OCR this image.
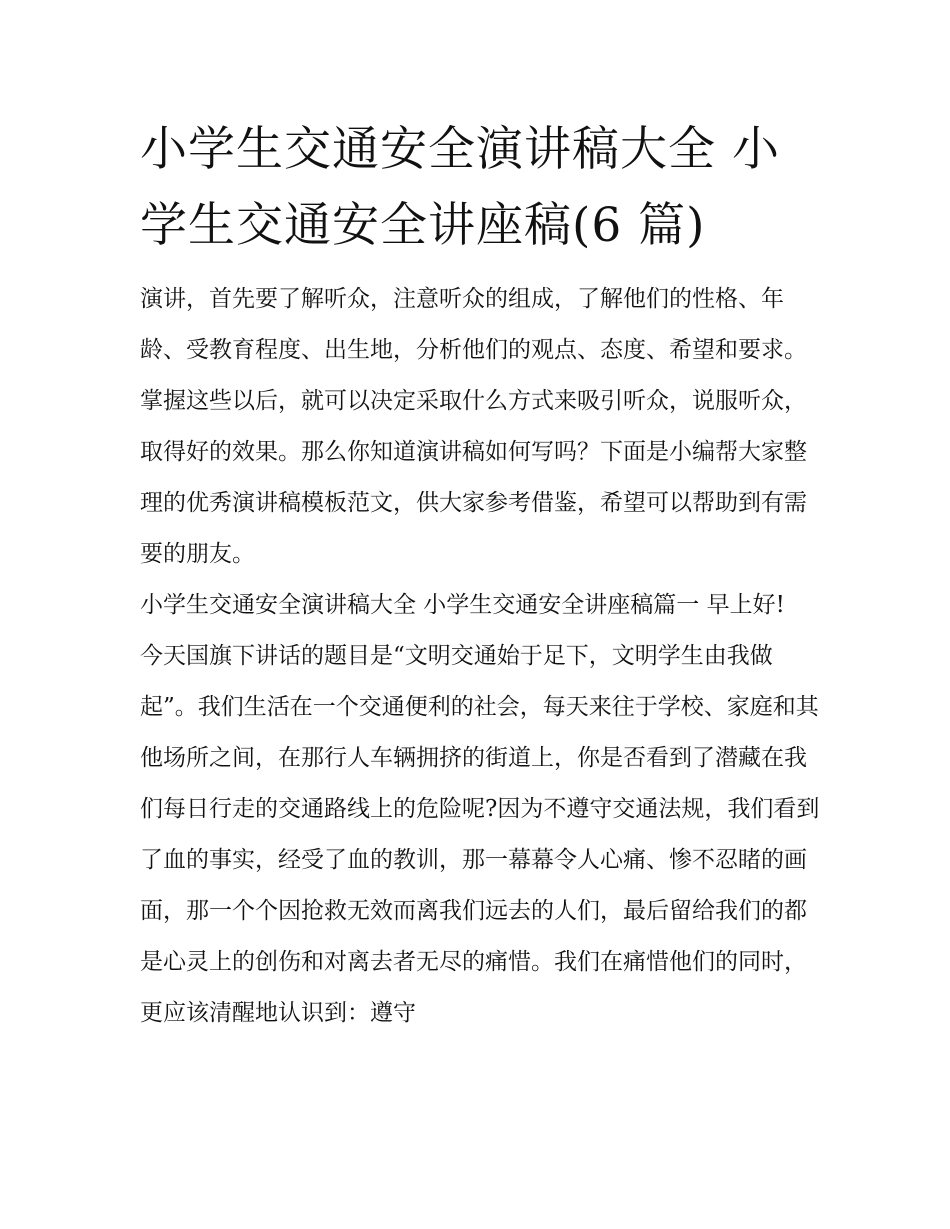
小学生交通安全演讲稿大全 小学生交通安全讲座稿(6 篇)

演讲，首先要了解听众，注意听众的组成，了解他们的性格、年龄、受教育程度、出生地，分析他们的观点、态度、希望和要求。掌握这些以后，就可以决定采取什么方式来吸引听众，说服听众，取得好的效果。那么你知道演讲稿如何写吗？下面是小编帮大家整理的优秀演讲稿模板范文，供大家参考借鉴，希望可以帮助到有需要的朋友。

小学生交通安全演讲稿大全 小学生交通安全讲座稿篇一 早上好!

今天国旗下讲话的题目是“文明交通始于足下，文明学生由我做起”。我们生活在一个交通便利的社会，每天来往于学校、家庭和其他场所之间，在那行人车辆拥挤的街道上，你是否看到了潜藏在我们每日行走的交通路线上的危险呢?因为不遵守交通法规，我们看到了血的事实，经受了血的教训，那一幕幕令人心痛、惨不忍睹的画面，那一个个因抢救无效而离我们远去的人们，最后留给我们的都是心灵上的创伤和对离去者无尽的痛惜。我们在痛惜他们的同时，更应该清醒地认识到：遵守
